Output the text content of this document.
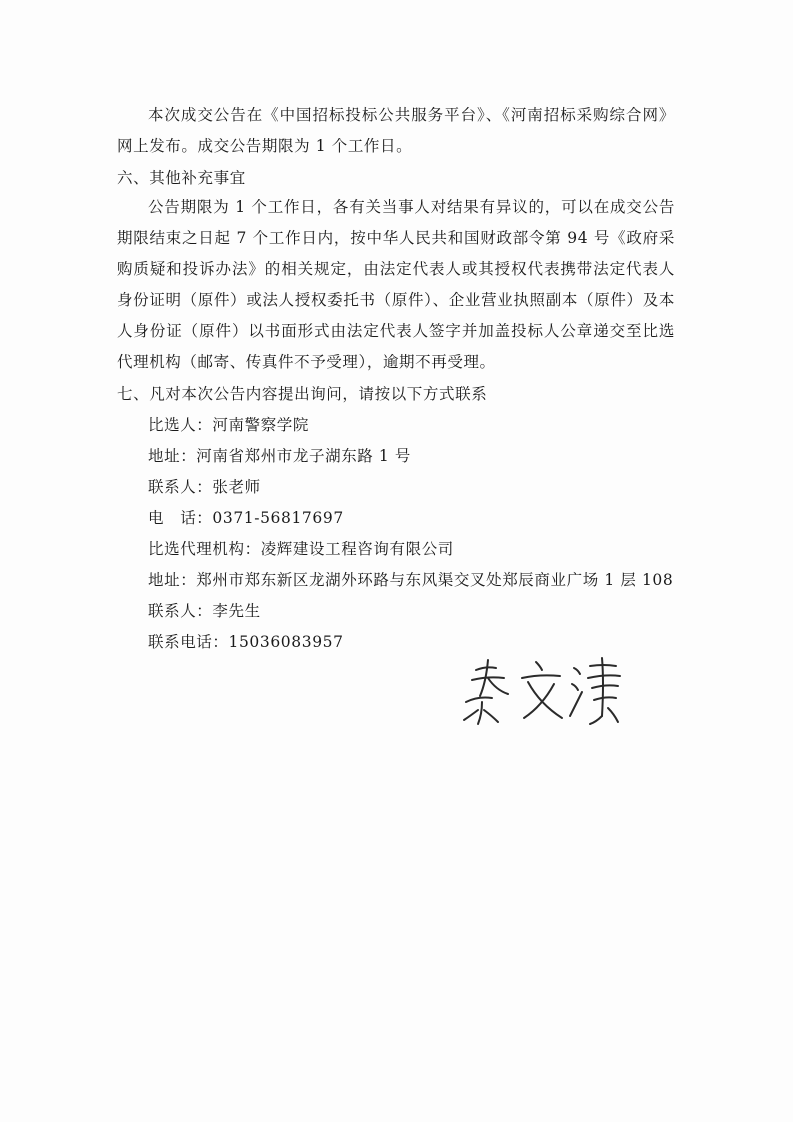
本次成交公告在《中国招标投标公共服务平台》、《河南招标采购综合网》网上发布。成交公告期限为 1 个工作日。

六、其他补充事宜

公告期限为 1 个工作日，各有关当事人对结果有异议的，可以在成交公告期限结束之日起 7 个工作日内，按中华人民共和国财政部令第 94 号《政府采购质疑和投诉办法》的相关规定，由法定代表人或其授权代表携带法定代表人身份证明（原件）或法人授权委托书（原件）、企业营业执照副本（原件）及本人身份证（原件）以书面形式由法定代表人签字并加盖投标人公章递交至比选代理机构（邮寄、传真件不予受理），逾期不再受理。

七、凡对本次公告内容提出询问，请按以下方式联系
比选人：河南警察学院
地址：河南省郑州市龙子湖东路 1 号
联系人：张老师
电　话：0371-56817697
比选代理机构：凌辉建设工程咨询有限公司
地址：郑州市郑东新区龙湖外环路与东风渠交叉处郑辰商业广场 1 层 108
联系人：李先生
联系电话：15036083957
